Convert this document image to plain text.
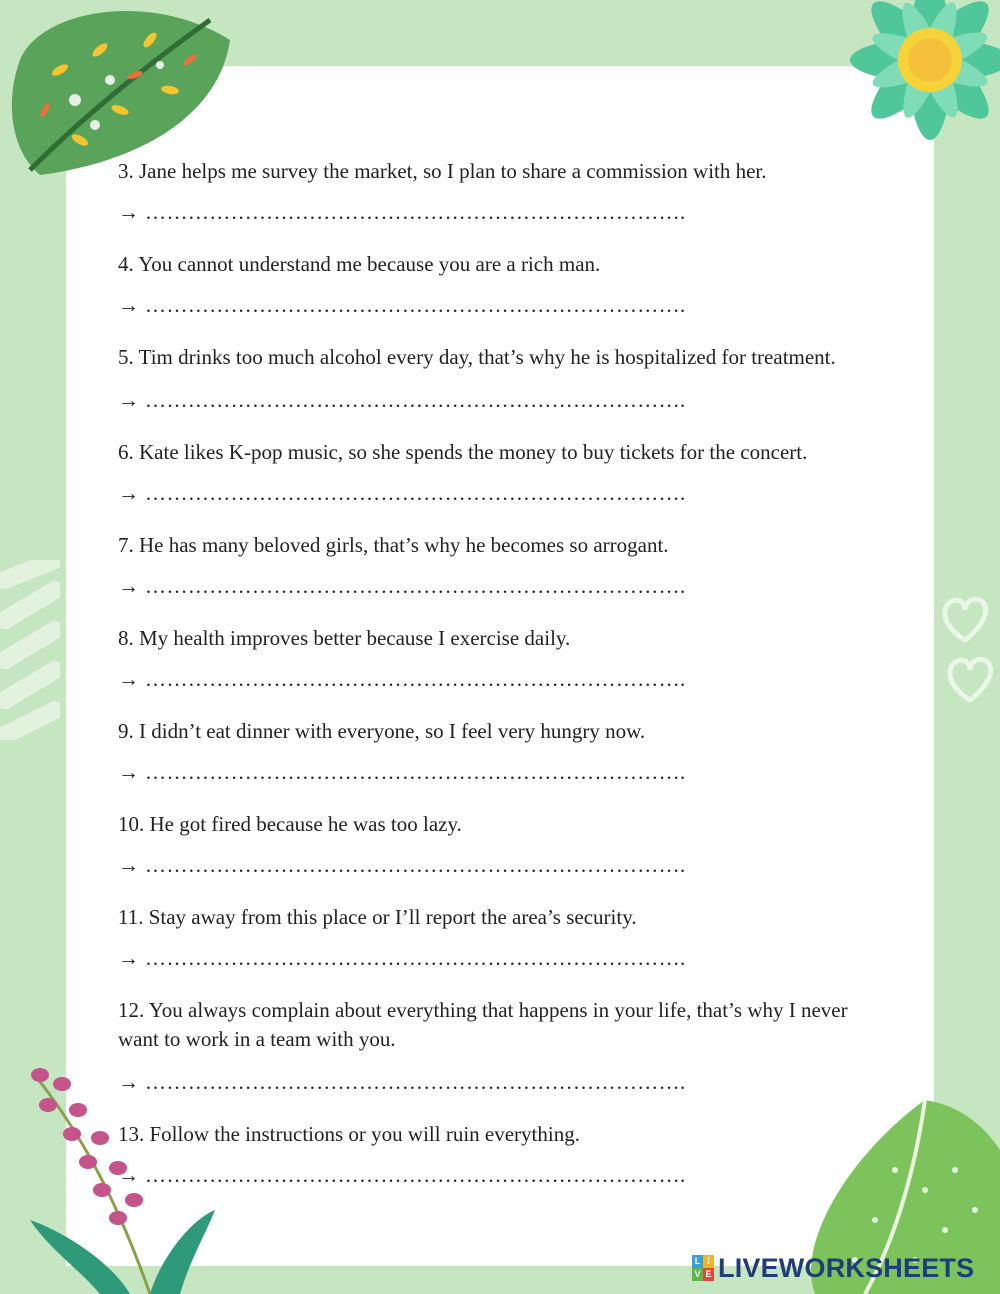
3. Jane helps me survey the market, so I plan to share a commission with her.

→ ………………………………………………………………….

4. You cannot understand me because you are a rich man.

→ ………………………………………………………………….

5. Tim drinks too much alcohol every day, that’s why he is hospitalized for treatment.

→ ………………………………………………………………….

6. Kate likes K-pop music, so she spends the money to buy tickets for the concert.

→ ………………………………………………………………….

7. He has many beloved girls, that’s why he becomes so arrogant.

→ ………………………………………………………………….

8. My health improves better because I exercise daily.

→ ………………………………………………………………….

9. I didn’t eat dinner with everyone, so I feel very hungry now.

→ ………………………………………………………………….

10. He got fired because he was too lazy.

→ ………………………………………………………………….

11. Stay away from this place or I’ll report the area’s security.

→ ………………………………………………………………….

12. You always complain about everything that happens in your life, that’s why I never want to work in a team with you.

→ ………………………………………………………………….

13. Follow the instructions or you will ruin everything.

→ ………………………………………………………………….

L I
V E LIVEWORKSHEETS
